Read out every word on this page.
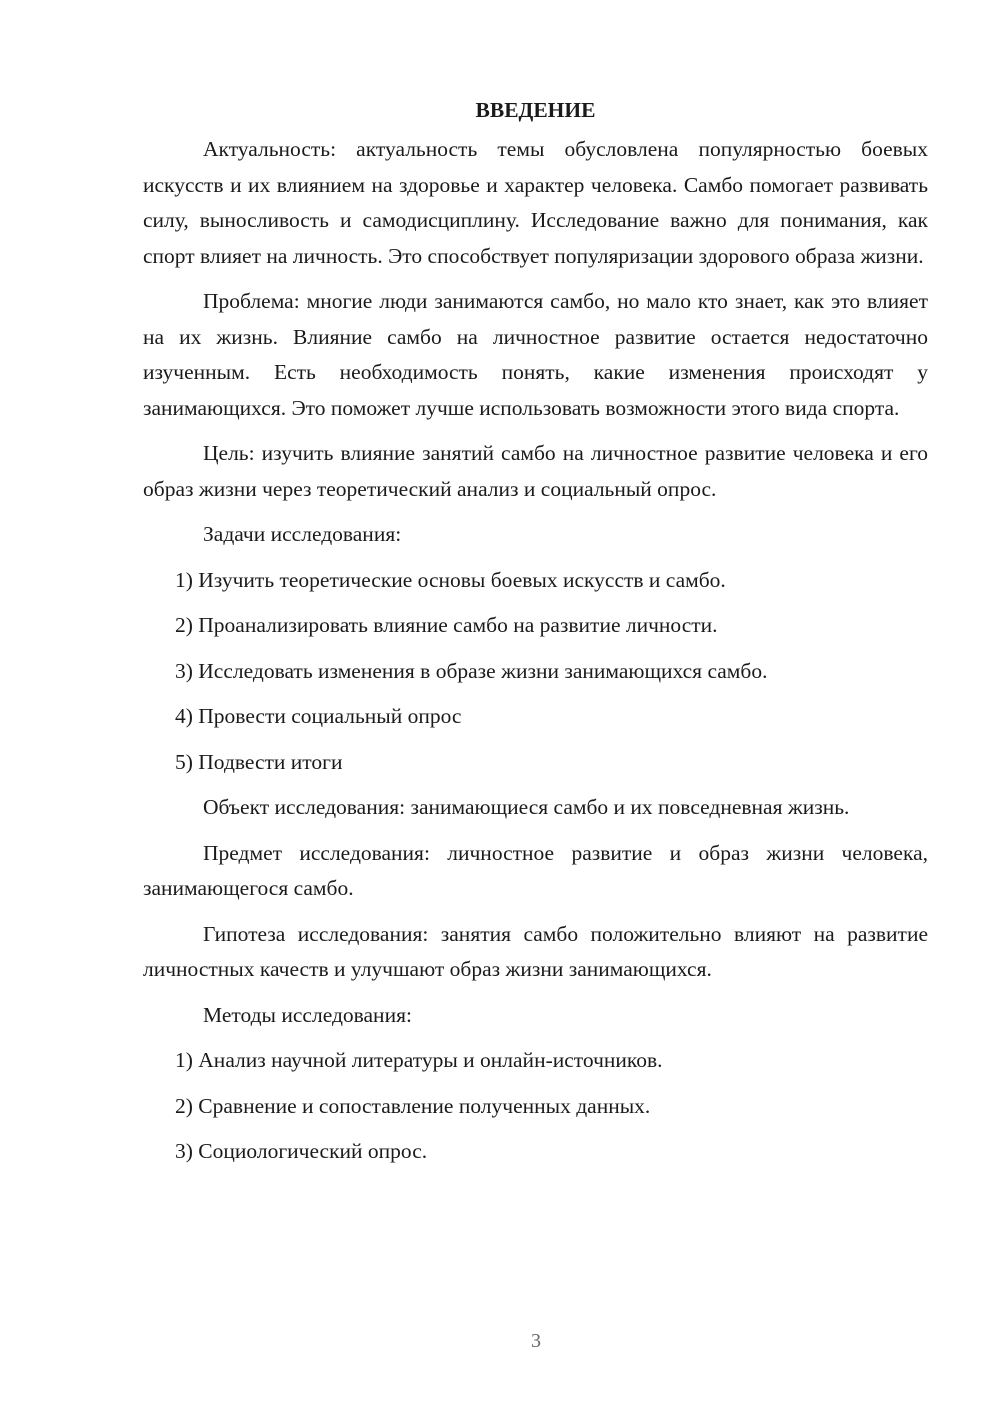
ВВЕДЕНИЕ

Актуальность: актуальность темы обусловлена популярностью боевых искусств и их влиянием на здоровье и характер человека. Самбо помогает развивать силу, выносливость и самодисциплину. Исследование важно для понимания, как спорт влияет на личность. Это способствует популяризации здорового образа жизни.

Проблема: многие люди занимаются самбо, но мало кто знает, как это влияет на их жизнь. Влияние самбо на личностное развитие остается недостаточно изученным. Есть необходимость понять, какие изменения происходят у занимающихся. Это поможет лучше использовать возможности этого вида спорта.

Цель: изучить влияние занятий самбо на личностное развитие человека и его образ жизни через теоретический анализ и социальный опрос.

Задачи исследования:

1) Изучить теоретические основы боевых искусств и самбо.

2) Проанализировать влияние самбо на развитие личности.

3) Исследовать изменения в образе жизни занимающихся самбо.

4) Провести социальный опрос

5) Подвести итоги

Объект исследования: занимающиеся самбо и их повседневная жизнь.

Предмет исследования: личностное развитие и образ жизни человека, занимающегося самбо.

Гипотеза исследования: занятия самбо положительно влияют на развитие личностных качеств и улучшают образ жизни занимающихся.

Методы исследования:

1) Анализ научной литературы и онлайн-источников.

2) Сравнение и сопоставление полученных данных.

3) Социологический опрос.

3
